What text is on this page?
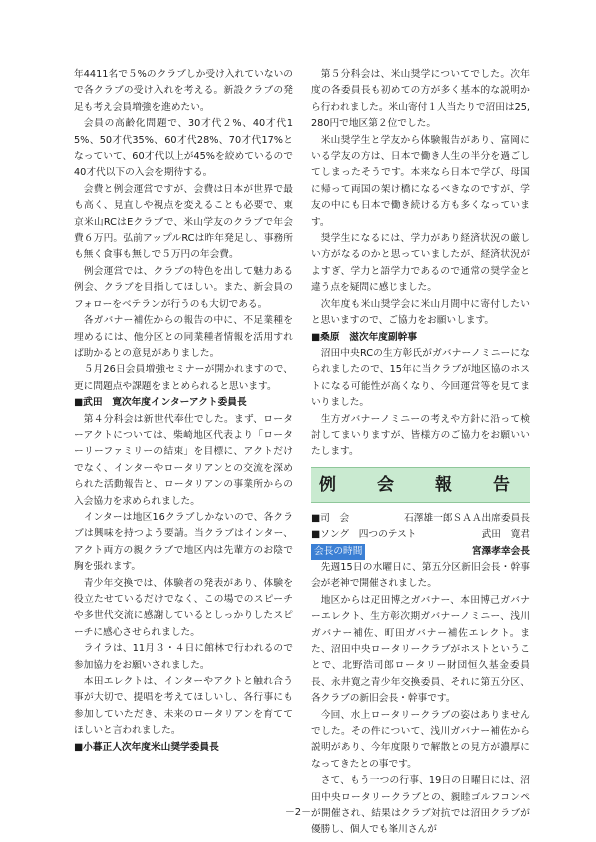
年4411名で５%のクラブしか受け入れていないので各クラブの受け入れを考える。新設クラブの発足も考え会員増強を進めたい。

会員の高齢化問題で、30才代２%、40才代15%、50才代35%、60才代28%、70才代17%となっていて、60才代以上が45%を絞めているので40才代以下の入会を期待する。

会費と例会運営ですが、会費は日本が世界で最も高く、見直しや視点を変えることも必要で、東京米山RCはEクラブで、米山学友のクラブで年会費６万円。弘前アップルRCは昨年発足し、事務所も無く食事も無しで５万円の年会費。

例会運営では、クラブの特色を出して魅力ある例会、クラブを目指してほしい。また、新会員のフォローをベテランが行うのも大切である。

各ガバナー補佐からの報告の中に、不足業種を埋めるには、他分区との同業種者情報を活用すれば助かるとの意見がありました。

５月26日会員増強セミナーが開かれますので、更に問題点や課題をまとめられると思います。

■武田　寛次年度インターアクト委員長

第４分科会は新世代奉仕でした。まず、ローターアクトについては、柴崎地区代表より「ローターリーファミリーの結束」を目標に、アクトだけでなく、インターやロータリアンとの交流を深められた活動報告と、ロータリアンの事業所からの入会協力を求められました。

インターは地区16クラブしかないので、各クラブは興味を持つよう要請。当クラブはインター、アクト両方の親クラブで地区内は先輩方のお陰で胸を張れます。

青少年交換では、体験者の発表があり、体験を役立たせているだけでなく、この場でのスピーチや多世代交流に感謝しているとしっかりしたスピーチに感心させられました。

ライラは、11月３・４日に館林で行われるので参加協力をお願いされました。

本田エレクトは、インターやアクトと触れ合う事が大切で、提唱を考えてほしいし、各行事にも参加していただき、未来のロータリアンを育ててほしいと言われました。

■小暮正人次年度米山奨学委員長

第５分科会は、米山奨学についてでした。次年度の各委員長も初めての方が多く基本的な説明から行われました。米山寄付１人当たりで沼田は25,280円で地区第２位でした。

米山奨学生と学友から体験報告があり、富岡にいる学友の方は、日本で働き人生の半分を過ごしてしまったそうです。本来なら日本で学び、母国に帰って両国の架け橋になるべきなのですが、学友の中にも日本で働き続ける方も多くなっています。

奨学生になるには、学力があり経済状況の厳しい方がなるのかと思っていましたが、経済状況がよすぎ、学力と語学力であるので通常の奨学金と違う点を疑問に感じました。

次年度も米山奨学会に米山月間中に寄付したいと思いますので、ご協力をお願いします。

■桑原　滋次年度副幹事

沼田中央RCの生方彰氏がガバナーノミニーになられましたので、15年に当クラブが地区協のホストになる可能性が高くなり、今回運営等を見てまいりました。

生方ガバナーノミニーの考えや方針に沿って検討してまいりますが、皆様方のご協力をお願いいたします。

例　会　報　告
■司　会	石澤雄一郎ＳＡＡ出席委員長
■ソング　四つのテスト	武田　寛君
会長の時間	宮澤孝幸会長

先週15日の水曜日に、第五分区新旧会長・幹事会が老神で開催されました。

地区からは疋田博之ガバナー、本田博己ガバナーエレクト、生方彰次期ガバナーノミニー、浅川ガバナー補佐、町田ガバナー補佐エレクト。また、沼田中央ロータリークラブがホストということで、北野浩司郎ロータリー財団恒久基金委員長、永井寛之青少年交換委員、それに第五分区、各クラブの新旧会長・幹事です。

今回、水上ロータリークラブの姿はありませんでした。その件について、浅川ガバナー補佐から説明があり、今年度限りで解散との見方が濃厚になってきたとの事です。

さて、もう一つの行事、19日の日曜日には、沼田中央ロータリークラブとの、親睦ゴルフコンペが開催され、結果はクラブ対抗では沼田クラブが優勝し、個人でも峯川さんが

－2－
